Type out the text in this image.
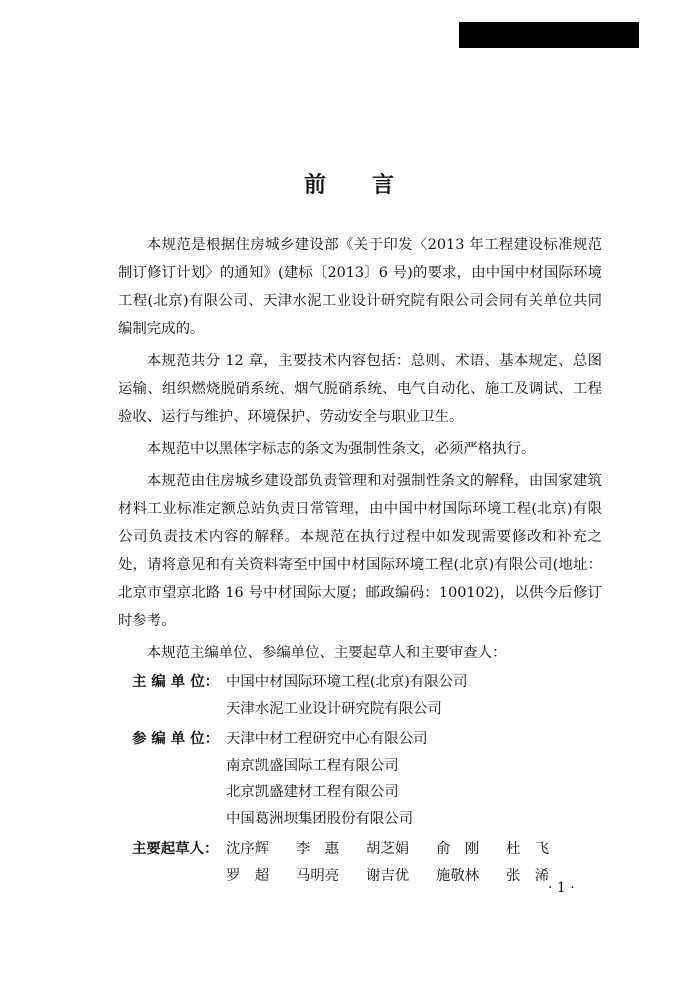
前 言

本规范是根据住房城乡建设部《关于印发〈2013 年工程建设标准规范制订修订计划〉的通知》(建标〔2013〕6 号)的要求，由中国中材国际环境工程(北京)有限公司、天津水泥工业设计研究院有限公司会同有关单位共同编制完成的。

本规范共分 12 章，主要技术内容包括：总则、术语、基本规定、总图运输、组织燃烧脱硝系统、烟气脱硝系统、电气自动化、施工及调试、工程验收、运行与维护、环境保护、劳动安全与职业卫生。

本规范中以黑体字标志的条文为强制性条文，必须严格执行。

本规范由住房城乡建设部负责管理和对强制性条文的解释，由国家建筑材料工业标准定额总站负责日常管理，由中国中材国际环境工程(北京)有限公司负责技术内容的解释。本规范在执行过程中如发现需要修改和补充之处，请将意见和有关资料寄至中国中材国际环境工程(北京)有限公司(地址：北京市望京北路 16 号中材国际大厦；邮政编码：100102)，以供今后修订时参考。

本规范主编单位、参编单位、主要起草人和主要审查人：

主 编 单 位： 中国中材国际环境工程(北京)有限公司
天津水泥工业设计研究院有限公司
参 编 单 位： 天津中材工程研究中心有限公司
南京凯盛国际工程有限公司
北京凯盛建材工程有限公司
中国葛洲坝集团股份有限公司
主要起草人： 沈序辉	李　惠	胡芝娟	俞　刚	杜　飞
罗　超	马明亮	谢吉优	施敬林	张　浠
· 1 ·
